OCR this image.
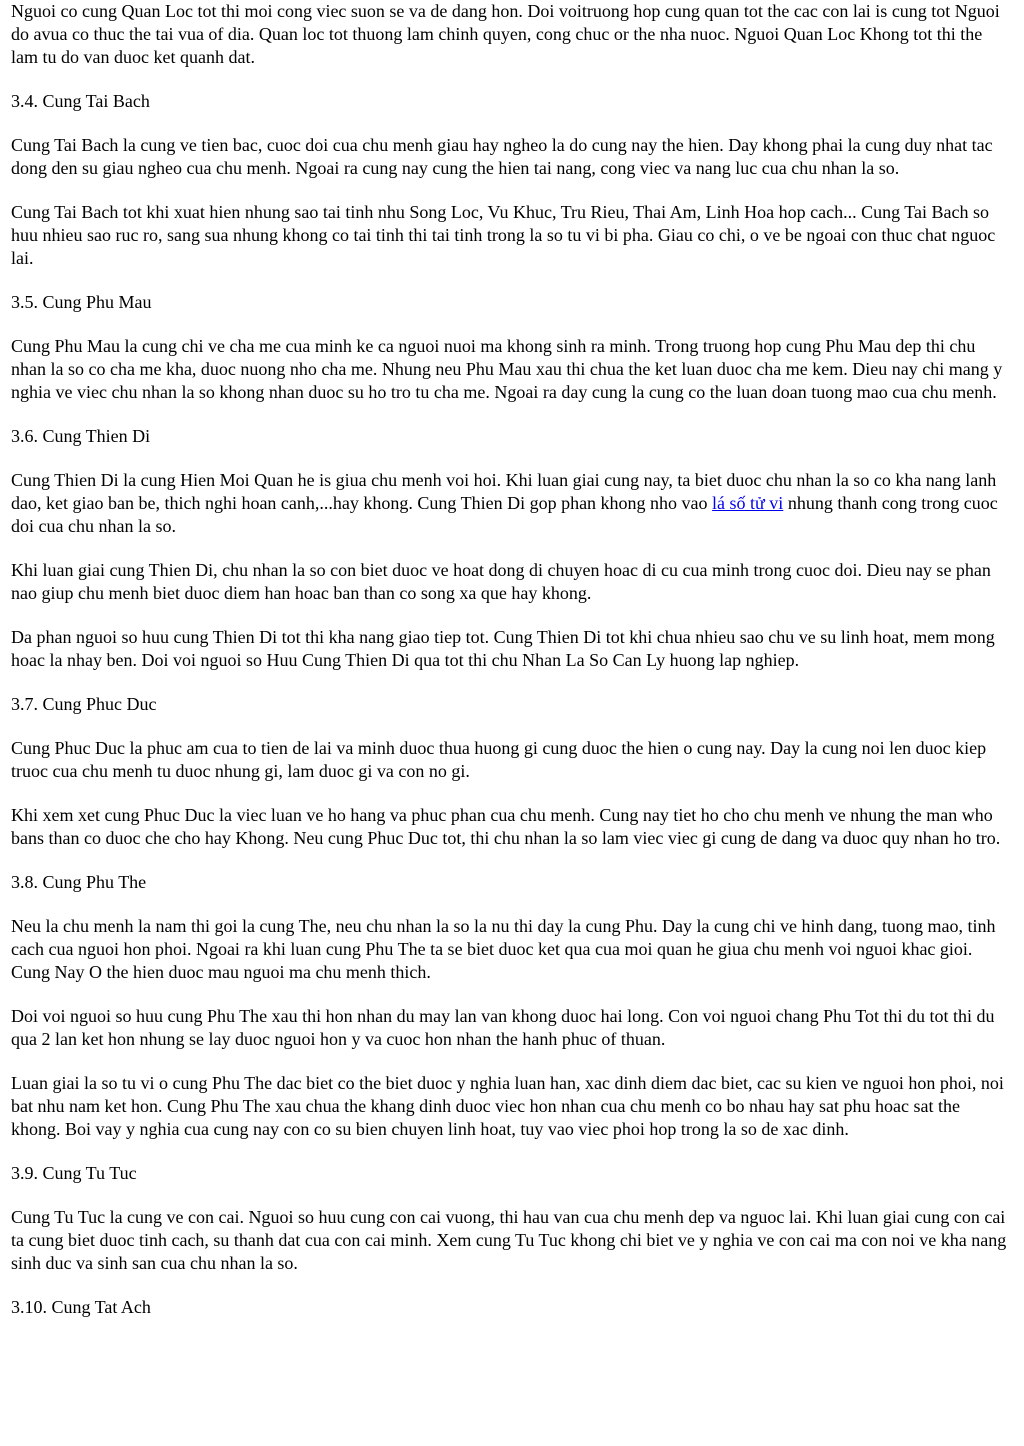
Nguoi co cung Quan Loc tot thi moi cong viec suon se va de dang hon. Doi voitruong hop cung quan tot the cac con lai is cung tot Nguoi do avua co thuc the tai vua of dia. Quan loc tot thuong lam chinh quyen, cong chuc or the nha nuoc. Nguoi Quan Loc Khong tot thi the lam tu do van duoc ket quanh dat.

3.4. Cung Tai Bach

Cung Tai Bach la cung ve tien bac, cuoc doi cua chu menh giau hay ngheo la do cung nay the hien. Day khong phai la cung duy nhat tac dong den su giau ngheo cua chu menh. Ngoai ra cung nay cung the hien tai nang, cong viec va nang luc cua chu nhan la so.

Cung Tai Bach tot khi xuat hien nhung sao tai tinh nhu Song Loc, Vu Khuc, Tru Rieu, Thai Am, Linh Hoa hop cach... Cung Tai Bach so huu nhieu sao ruc ro, sang sua nhung khong co tai tinh thi tai tinh trong la so tu vi bi pha. Giau co chi, o ve be ngoai con thuc chat nguoc lai.

3.5. Cung Phu Mau

Cung Phu Mau la cung chi ve cha me cua minh ke ca nguoi nuoi ma khong sinh ra minh. Trong truong hop cung Phu Mau dep thi chu nhan la so co cha me kha, duoc nuong nho cha me. Nhung neu Phu Mau xau thi chua the ket luan duoc cha me kem. Dieu nay chi mang y nghia ve viec chu nhan la so khong nhan duoc su ho tro tu cha me. Ngoai ra day cung la cung co the luan doan tuong mao cua chu menh.

3.6. Cung Thien Di

Cung Thien Di la cung Hien Moi Quan he is giua chu menh voi hoi. Khi luan giai cung nay, ta biet duoc chu nhan la so co kha nang lanh dao, ket giao ban be, thich nghi hoan canh,...hay khong. Cung Thien Di gop phan khong nho vao lá số tử vi nhung thanh cong trong cuoc doi cua chu nhan la so.

Khi luan giai cung Thien Di, chu nhan la so con biet duoc ve hoat dong di chuyen hoac di cu cua minh trong cuoc doi. Dieu nay se phan nao giup chu menh biet duoc diem han hoac ban than co song xa que hay khong.

Da phan nguoi so huu cung Thien Di tot thi kha nang giao tiep tot. Cung Thien Di tot khi chua nhieu sao chu ve su linh hoat, mem mong hoac la nhay ben. Doi voi nguoi so Huu Cung Thien Di qua tot thi chu Nhan La So Can Ly huong lap nghiep.

3.7. Cung Phuc Duc

Cung Phuc Duc la phuc am cua to tien de lai va minh duoc thua huong gi cung duoc the hien o cung nay. Day la cung noi len duoc kiep truoc cua chu menh tu duoc nhung gi, lam duoc gi va con no gi.

Khi xem xet cung Phuc Duc la viec luan ve ho hang va phuc phan cua chu menh. Cung nay tiet ho cho chu menh ve nhung the man who bans than co duoc che cho hay Khong. Neu cung Phuc Duc tot, thi chu nhan la so lam viec viec gi cung de dang va duoc quy nhan ho tro.

3.8. Cung Phu The

Neu la chu menh la nam thi goi la cung The, neu chu nhan la so la nu thi day la cung Phu. Day la cung chi ve hinh dang, tuong mao, tinh cach cua nguoi hon phoi. Ngoai ra khi luan cung Phu The ta se biet duoc ket qua cua moi quan he giua chu menh voi nguoi khac gioi. Cung Nay O the hien duoc mau nguoi ma chu menh thich.

Doi voi nguoi so huu cung Phu The xau thi hon nhan du may lan van khong duoc hai long. Con voi nguoi chang Phu Tot thi du tot thi du qua 2 lan ket hon nhung se lay duoc nguoi hon y va cuoc hon nhan the hanh phuc of thuan.

Luan giai la so tu vi o cung Phu The dac biet co the biet duoc y nghia luan han, xac dinh diem dac biet, cac su kien ve nguoi hon phoi, noi bat nhu nam ket hon. Cung Phu The xau chua the khang dinh duoc viec hon nhan cua chu menh co bo nhau hay sat phu hoac sat the khong. Boi vay y nghia cua cung nay con co su bien chuyen linh hoat, tuy vao viec phoi hop trong la so de xac dinh.

3.9. Cung Tu Tuc

Cung Tu Tuc la cung ve con cai. Nguoi so huu cung con cai vuong, thi hau van cua chu menh dep va nguoc lai. Khi luan giai cung con cai ta cung biet duoc tinh cach, su thanh dat cua con cai minh. Xem cung Tu Tuc khong chi biet ve y nghia ve con cai ma con noi ve kha nang sinh duc va sinh san cua chu nhan la so.

3.10. Cung Tat Ach
